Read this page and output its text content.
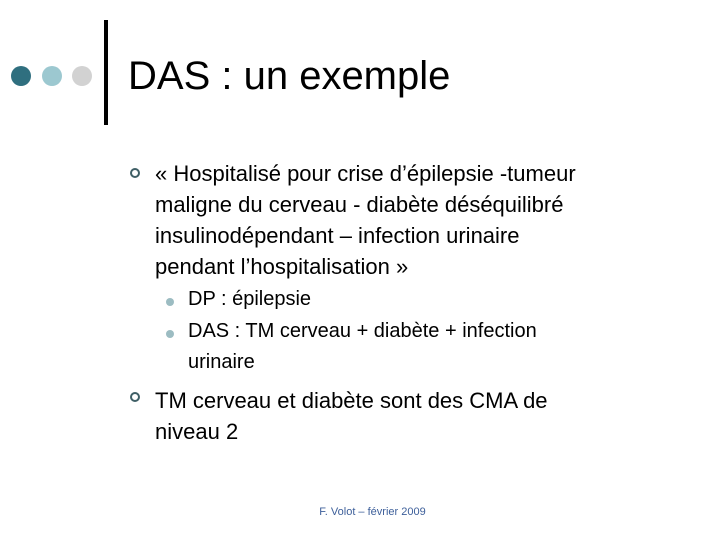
DAS : un exemple
« Hospitalisé pour crise d’épilepsie -tumeur
maligne du cerveau - diabète déséquilibré
insulinodépendant – infection urinaire
pendant l’hospitalisation »
DP : épilepsie
DAS : TM cerveau + diabète + infection
urinaire
TM cerveau et diabète sont des CMA de
niveau 2
F. Volot – février 2009
